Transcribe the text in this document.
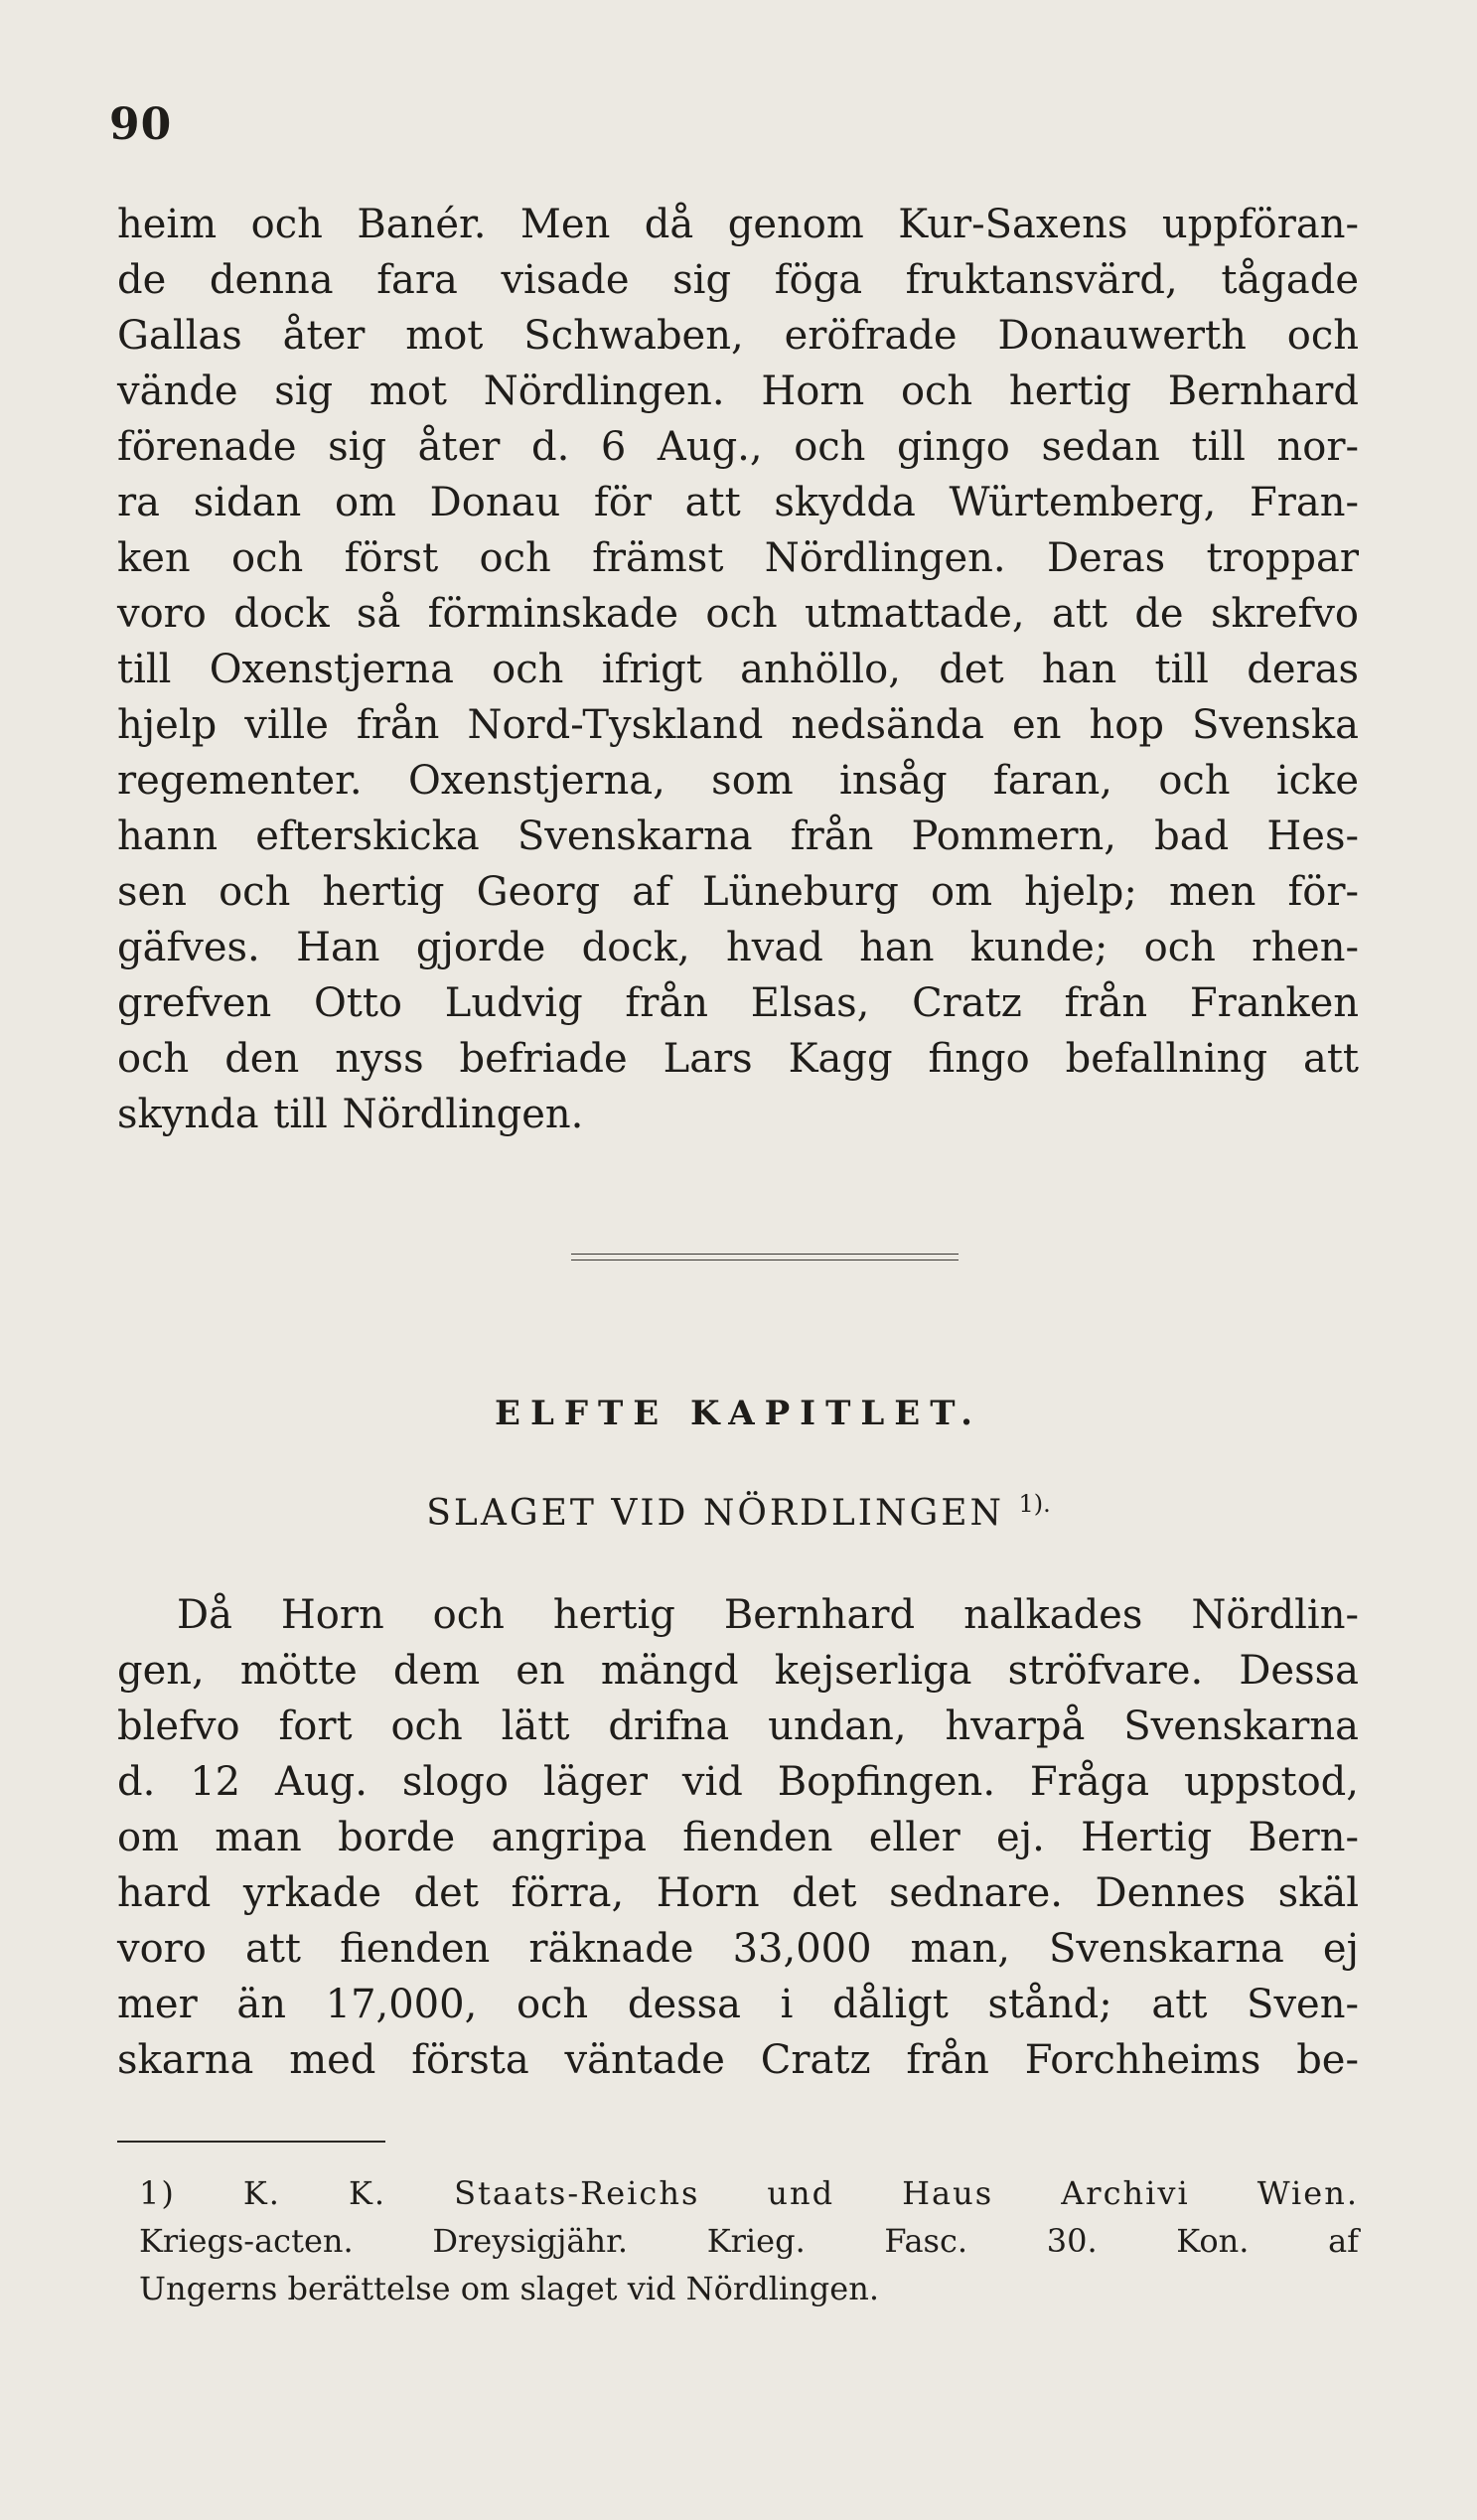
90
heim och Banér. Men då genom Kur-Saxens uppföran-
de denna fara visade sig föga fruktansvärd, tågade
Gallas åter mot Schwaben, eröfrade Donauwerth och
vände sig mot Nördlingen. Horn och hertig Bernhard
förenade sig åter d. 6 Aug., och gingo sedan till nor-
ra sidan om Donau för att skydda Würtemberg, Fran-
ken och först och främst Nördlingen. Deras troppar
voro dock så förminskade och utmattade, att de skrefvo
till Oxenstjerna och ifrigt anhöllo, det han till deras
hjelp ville från Nord-Tyskland nedsända en hop Svenska
regementer. Oxenstjerna, som insåg faran, och icke
hann efterskicka Svenskarna från Pommern, bad Hes-
sen och hertig Georg af Lüneburg om hjelp; men för-
gäfves. Han gjorde dock, hvad han kunde; och rhen-
grefven Otto Ludvig från Elsas, Cratz från Franken
och den nyss befriade Lars Kagg fingo befallning att
skynda till Nördlingen.
ELFTE KAPITLET.
SLAGET VID NÖRDLINGEN $^{1).}$
Då Horn och hertig Bernhard nalkades Nördlin-
gen, mötte dem en mängd kejserliga ströfvare. Dessa
blefvo fort och lätt drifna undan, hvarpå Svenskarna
d. 12 Aug. slogo läger vid Bopfingen. Fråga uppstod,
om man borde angripa fienden eller ej. Hertig Bern-
hard yrkade det förra, Horn det sednare. Dennes skäl
voro att fienden räknade 33,000 man, Svenskarna ej
mer än 17,000, och dessa i dåligt stånd; att Sven-
skarna med första väntade Cratz från Forchheims be-
1) K. K. Staats-Reichs und Haus Archivi Wien.
Kriegs-acten. Dreysigjähr. Krieg. Fasc. 30. Kon. af
Ungerns berättelse om slaget vid Nördlingen.
